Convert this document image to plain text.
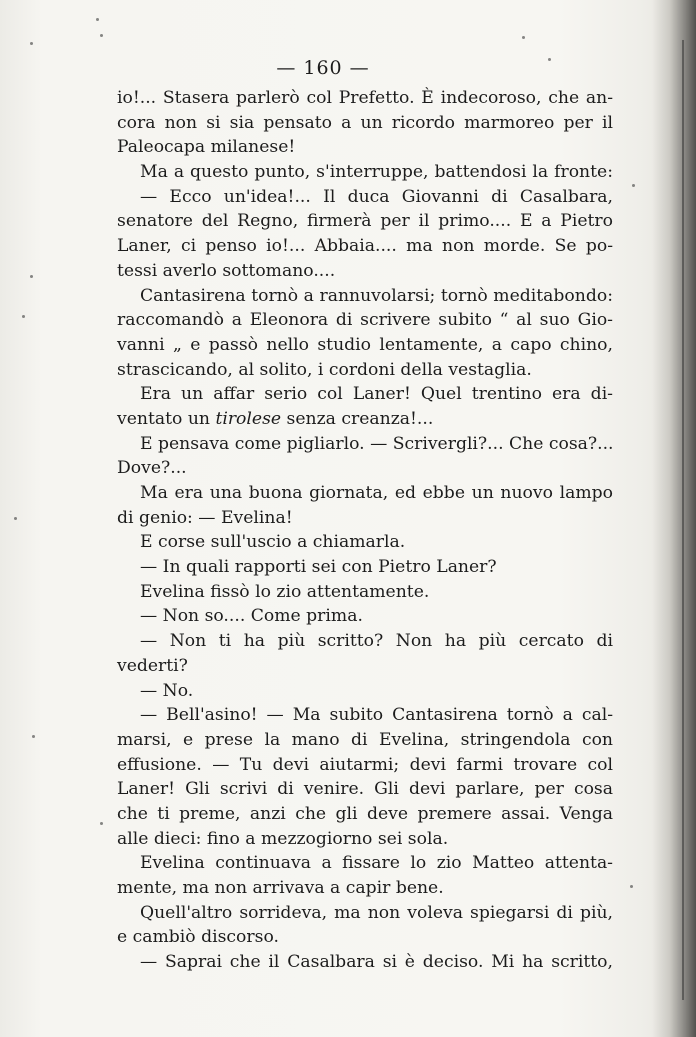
— 160 —
io!... Stasera parlerò col Prefetto. È indecoroso, che an-
cora non si sia pensato a un ricordo marmoreo per il
Paleocapa milanese!
Ma a questo punto, s'interruppe, battendosi la fronte:
— Ecco un'idea!... Il duca Giovanni di Casalbara,
senatore del Regno, firmerà per il primo.... E a Pietro
Laner, ci penso io!... Abbaia.... ma non morde. Se po-
tessi averlo sottomano....
Cantasirena tornò a rannuvolarsi; tornò meditabondo:
raccomandò a Eleonora di scrivere subito “ al suo Gio-
vanni „ e passò nello studio lentamente, a capo chino,
strascicando, al solito, i cordoni della vestaglia.
Era un affar serio col Laner! Quel trentino era di-
ventato un tirolese senza creanza!...
E pensava come pigliarlo. — Scrivergli?... Che cosa?...
Dove?...
Ma era una buona giornata, ed ebbe un nuovo lampo
di genio: — Evelina!
E corse sull'uscio a chiamarla.
— In quali rapporti sei con Pietro Laner?
Evelina fissò lo zio attentamente.
— Non so.... Come prima.
— Non ti ha più scritto? Non ha più cercato di
vederti?
— No.
— Bell'asino! — Ma subito Cantasirena tornò a cal-
marsi, e prese la mano di Evelina, stringendola con
effusione. — Tu devi aiutarmi; devi farmi trovare col
Laner! Gli scrivi di venire. Gli devi parlare, per cosa
che ti preme, anzi che gli deve premere assai. Venga
alle dieci: fino a mezzogiorno sei sola.
Evelina continuava a fissare lo zio Matteo attenta-
mente, ma non arrivava a capir bene.
Quell'altro sorrideva, ma non voleva spiegarsi di più,
e cambiò discorso.
— Saprai che il Casalbara si è deciso. Mi ha scritto,
